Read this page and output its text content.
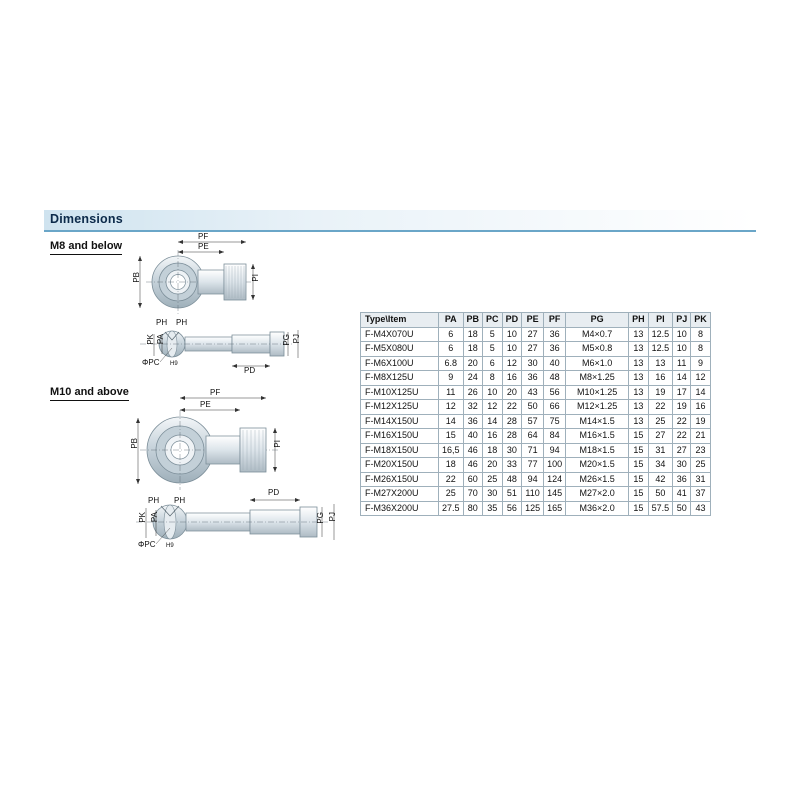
Dimensions
M8 and below
M10 and above
PF
PE
PB	PI
PH PH
PA
PK	PG PJ
ΦPC H9
PD
PF
PE
PB	PI
PH PH
PD
PA
PK	PG PJ
ΦPC H9
Type\Item	PA	PB	PC	PD	PE	PF	PG	PH	PI	PJ	PK
F-M4X070U	6	18	5	10	27	36	M4×0.7	13	12.5	10	8
F-M5X080U	6	18	5	10	27	36	M5×0.8	13	12.5	10	8
F-M6X100U	6.8	20	6	12	30	40	M6×1.0	13	13	11	9
F-M8X125U	9	24	8	16	36	48	M8×1.25	13	16	14	12
F-M10X125U	11	26	10	20	43	56	M10×1.25	13	19	17	14
F-M12X125U	12	32	12	22	50	66	M12×1.25	13	22	19	16
F-M14X150U	14	36	14	28	57	75	M14×1.5	13	25	22	19
F-M16X150U	15	40	16	28	64	84	M16×1.5	15	27	22	21
F-M18X150U	16,5	46	18	30	71	94	M18×1.5	15	31	27	23
F-M20X150U	18	46	20	33	77	100	M20×1.5	15	34	30	25
F-M26X150U	22	60	25	48	94	124	M26×1.5	15	42	36	31
F-M27X200U	25	70	30	51	110	145	M27×2.0	15	50	41	37
F-M36X200U	27.5	80	35	56	125	165	M36×2.0	15	57.5	50	43
